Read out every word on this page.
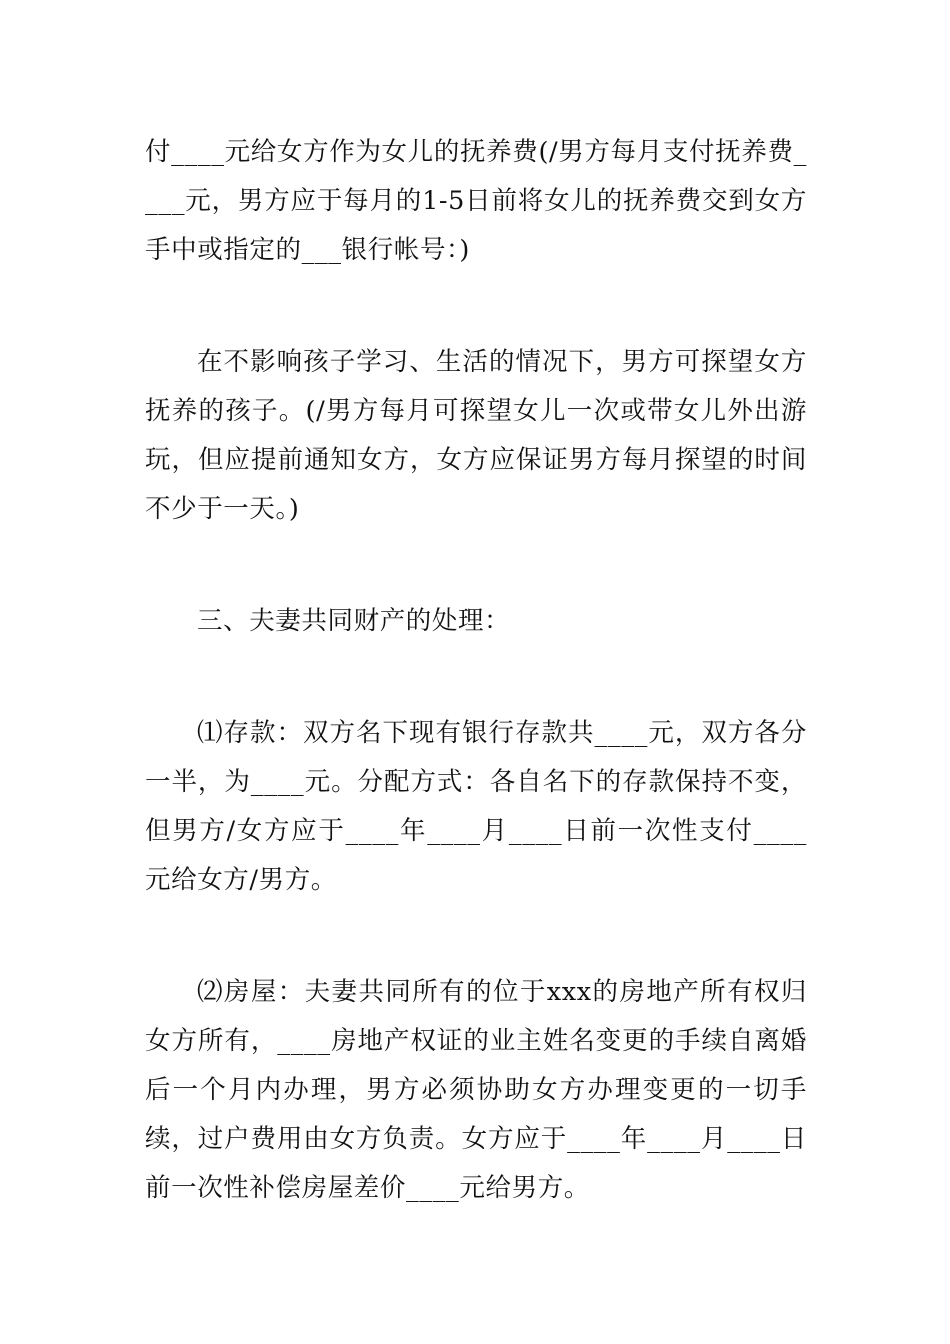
付____元给女方作为女儿的抚养费(/男方每月支付抚养费____元，男方应于每月的1-5日前将女儿的抚养费交到女方手中或指定的___银行帐号：)

在不影响孩子学习、生活的情况下，男方可探望女方抚养的孩子。(/男方每月可探望女儿一次或带女儿外出游玩，但应提前通知女方，女方应保证男方每月探望的时间不少于一天。)

三、夫妻共同财产的处理：

⑴存款：双方名下现有银行存款共____元，双方各分一半，为____元。分配方式：各自名下的存款保持不变，但男方/女方应于____年____月____日前一次性支付____元给女方/男方。

⑵房屋：夫妻共同所有的位于xxx的房地产所有权归女方所有，____房地产权证的业主姓名变更的手续自离婚后一个月内办理，男方必须协助女方办理变更的一切手续，过户费用由女方负责。女方应于____年____月____日前一次性补偿房屋差价____元给男方。
